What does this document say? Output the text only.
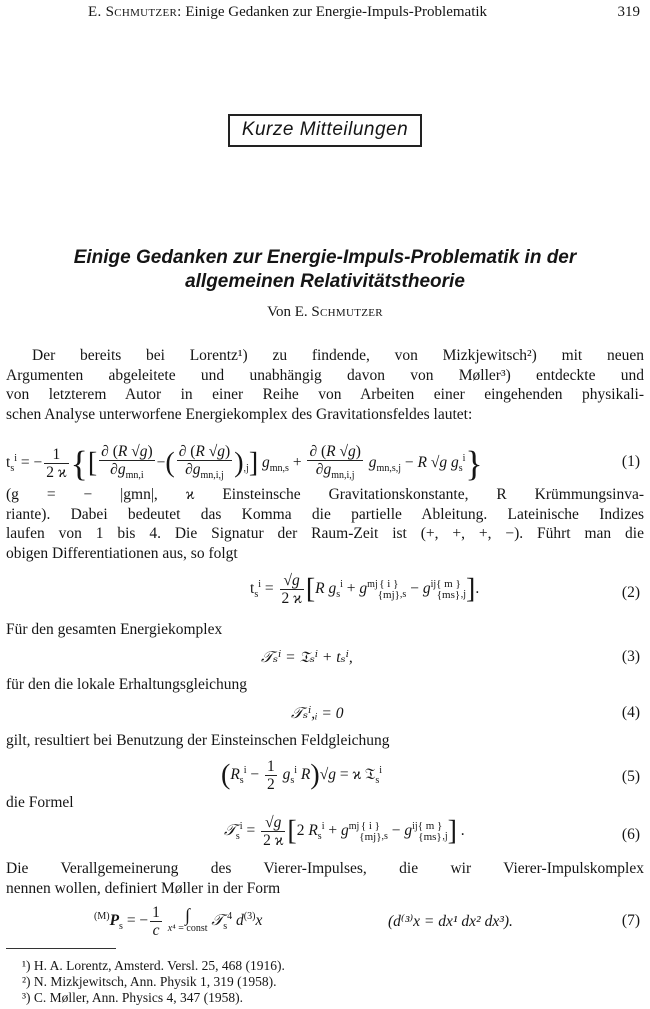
E. Schmutzer: Einige Gedanken zur Energie-Impuls-Problematik	319
Kurze Mitteilungen
Einige Gedanken zur Energie-Impuls-Problematik in der
allgemeinen Relativitätstheorie
Von E. Schmutzer
Der bereits bei Lorentz¹) zu findende, von Mizkjewitsch²) mit neuen
Argumenten abgeleitete und unabhängig davon von Møller³) entdeckte und
von letzterem Autor in einer Reihe von Arbeiten einer eingehenden physikali-
schen Analyse unterworfene Energiekomplex des Gravitationsfeldes lautet:
$t_s^i$ = − $\frac{1}{2 ϰ}$ {[ $\frac{\partial (R √g)}{\partial g_{mn,i}}$ −( $\frac{\partial (R √g)}{\partial g_{mn,i,j}} )_{,j}$] $g_{mn,s} + \frac{\partial (R √g)}{\partial g_{mn,i,j}} g_{mn,s,j} - R$ √g $g_s^i$}	(1)
(g = − |gmn|, ϰ Einsteinsche Gravitationskonstante, R Krümmungsinva-
riante). Dabei bedeutet das Komma die partielle Ableitung. Lateinische Indizes
laufen von 1 bis 4. Die Signatur der Raum-Zeit ist (+, +, +, −). Führt man die
obigen Differentiationen aus, so folgt
$t_s^i = \frac{√g}{2 ϰ} [R$ $g_s^i + g^{mj}$ { i }
{mj} $_{,s} - g^{ij}$ { m }
{ms} $_{,j}$].	(2)
Für den gesamten Energiekomplex
𝒯ₛⁱ = 𝔗ₛⁱ + tₛⁱ,	(3)
für den die lokale Erhaltungsgleichung
𝒯ₛⁱ,ᵢ = 0	(4)
gilt, resultiert bei Benutzung der Einsteinschen Feldgleichung
($R_s^i - \frac{1}{2} g_s^i$ R)√g = ϰ 𝔗$_s^i$	(5)
die Formel
𝒯$_s^i$ = $\frac{√g}{2 ϰ} [2$ $R_s^i + g^{mj}$ { i }
{mj} $_{,s} - g^{ij}$ { m }
{ms} $_{,j}$] .	(6)
Die Verallgemeinerung des Vierer-Impulses, die wir Vierer-Impulskomplex
nennen wollen, definiert Møller in der Form
$^{(M)}P_s$ = − $\frac{1}{c}$
	∫
x⁴ = const 𝒯$_s^4$ $d^{(3)}x$	(d⁽³⁾x = dx¹ dx² dx³).	(7)
¹) H. A. Lorentz, Amsterd. Versl. 25, 468 (1916).
²) N. Mizkjewitsch, Ann. Physik 1, 319 (1958).
³) C. Møller, Ann. Physics 4, 347 (1958).
